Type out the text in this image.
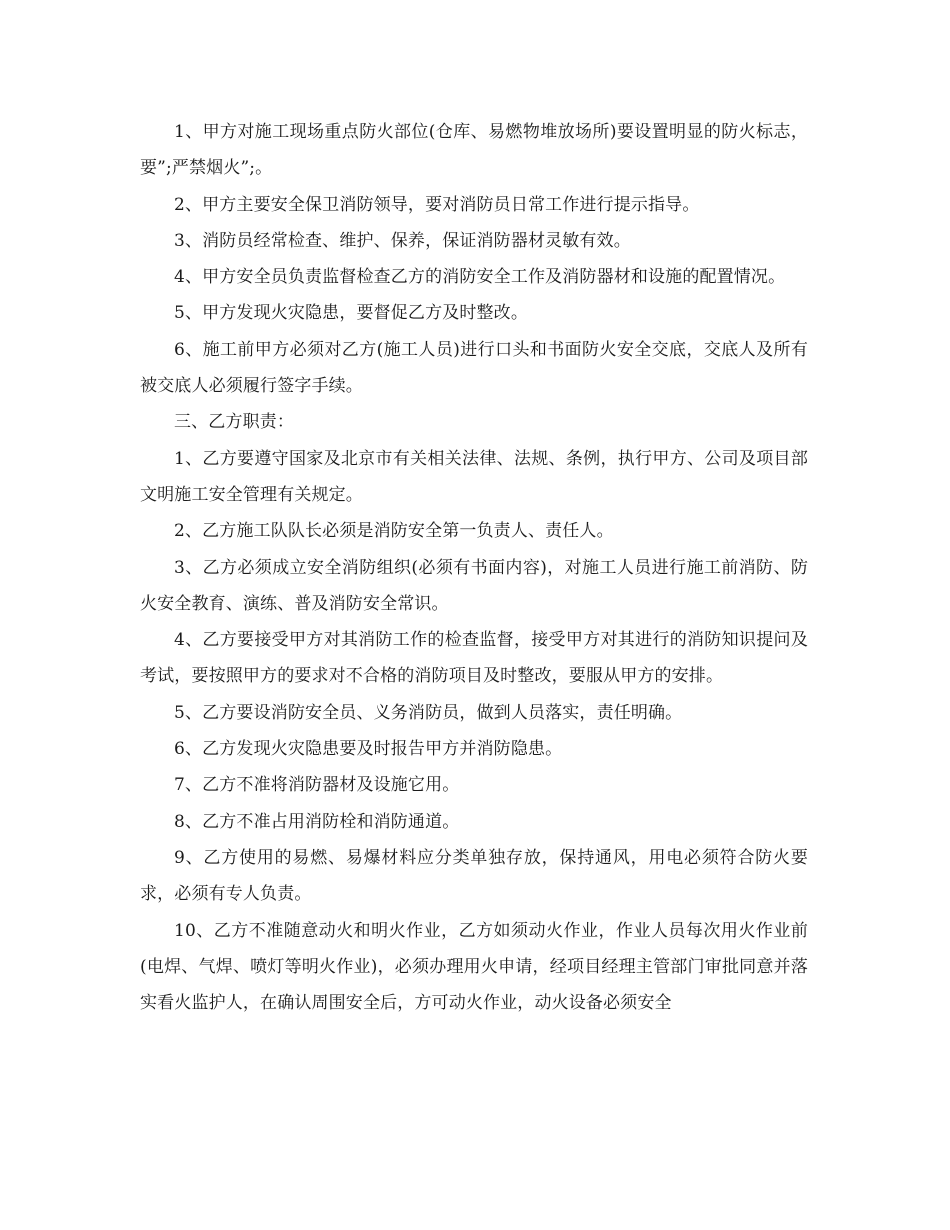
1、甲方对施工现场重点防火部位(仓库、易燃物堆放场所)要设置明显的防火标志，要”;严禁烟火”;。

2、甲方主要安全保卫消防领导，要对消防员日常工作进行提示指导。

3、消防员经常检查、维护、保养，保证消防器材灵敏有效。

4、甲方安全员负责监督检查乙方的消防安全工作及消防器材和设施的配置情况。

5、甲方发现火灾隐患，要督促乙方及时整改。

6、施工前甲方必须对乙方(施工人员)进行口头和书面防火安全交底，交底人及所有被交底人必须履行签字手续。

三、乙方职责：

1、乙方要遵守国家及北京市有关相关法律、法规、条例，执行甲方、公司及项目部文明施工安全管理有关规定。

2、乙方施工队队长必须是消防安全第一负责人、责任人。

3、乙方必须成立安全消防组织(必须有书面内容)，对施工人员进行施工前消防、防火安全教育、演练、普及消防安全常识。

4、乙方要接受甲方对其消防工作的检查监督，接受甲方对其进行的消防知识提问及考试，要按照甲方的要求对不合格的消防项目及时整改，要服从甲方的安排。

5、乙方要设消防安全员、义务消防员，做到人员落实，责任明确。

6、乙方发现火灾隐患要及时报告甲方并消防隐患。

7、乙方不准将消防器材及设施它用。

8、乙方不准占用消防栓和消防通道。

9、乙方使用的易燃、易爆材料应分类单独存放，保持通风，用电必须符合防火要求，必须有专人负责。

10、乙方不准随意动火和明火作业，乙方如须动火作业，作业人员每次用火作业前(电焊、气焊、喷灯等明火作业)，必须办理用火申请，经项目经理主管部门审批同意并落实看火监护人，在确认周围安全后，方可动火作业，动火设备必须安全
